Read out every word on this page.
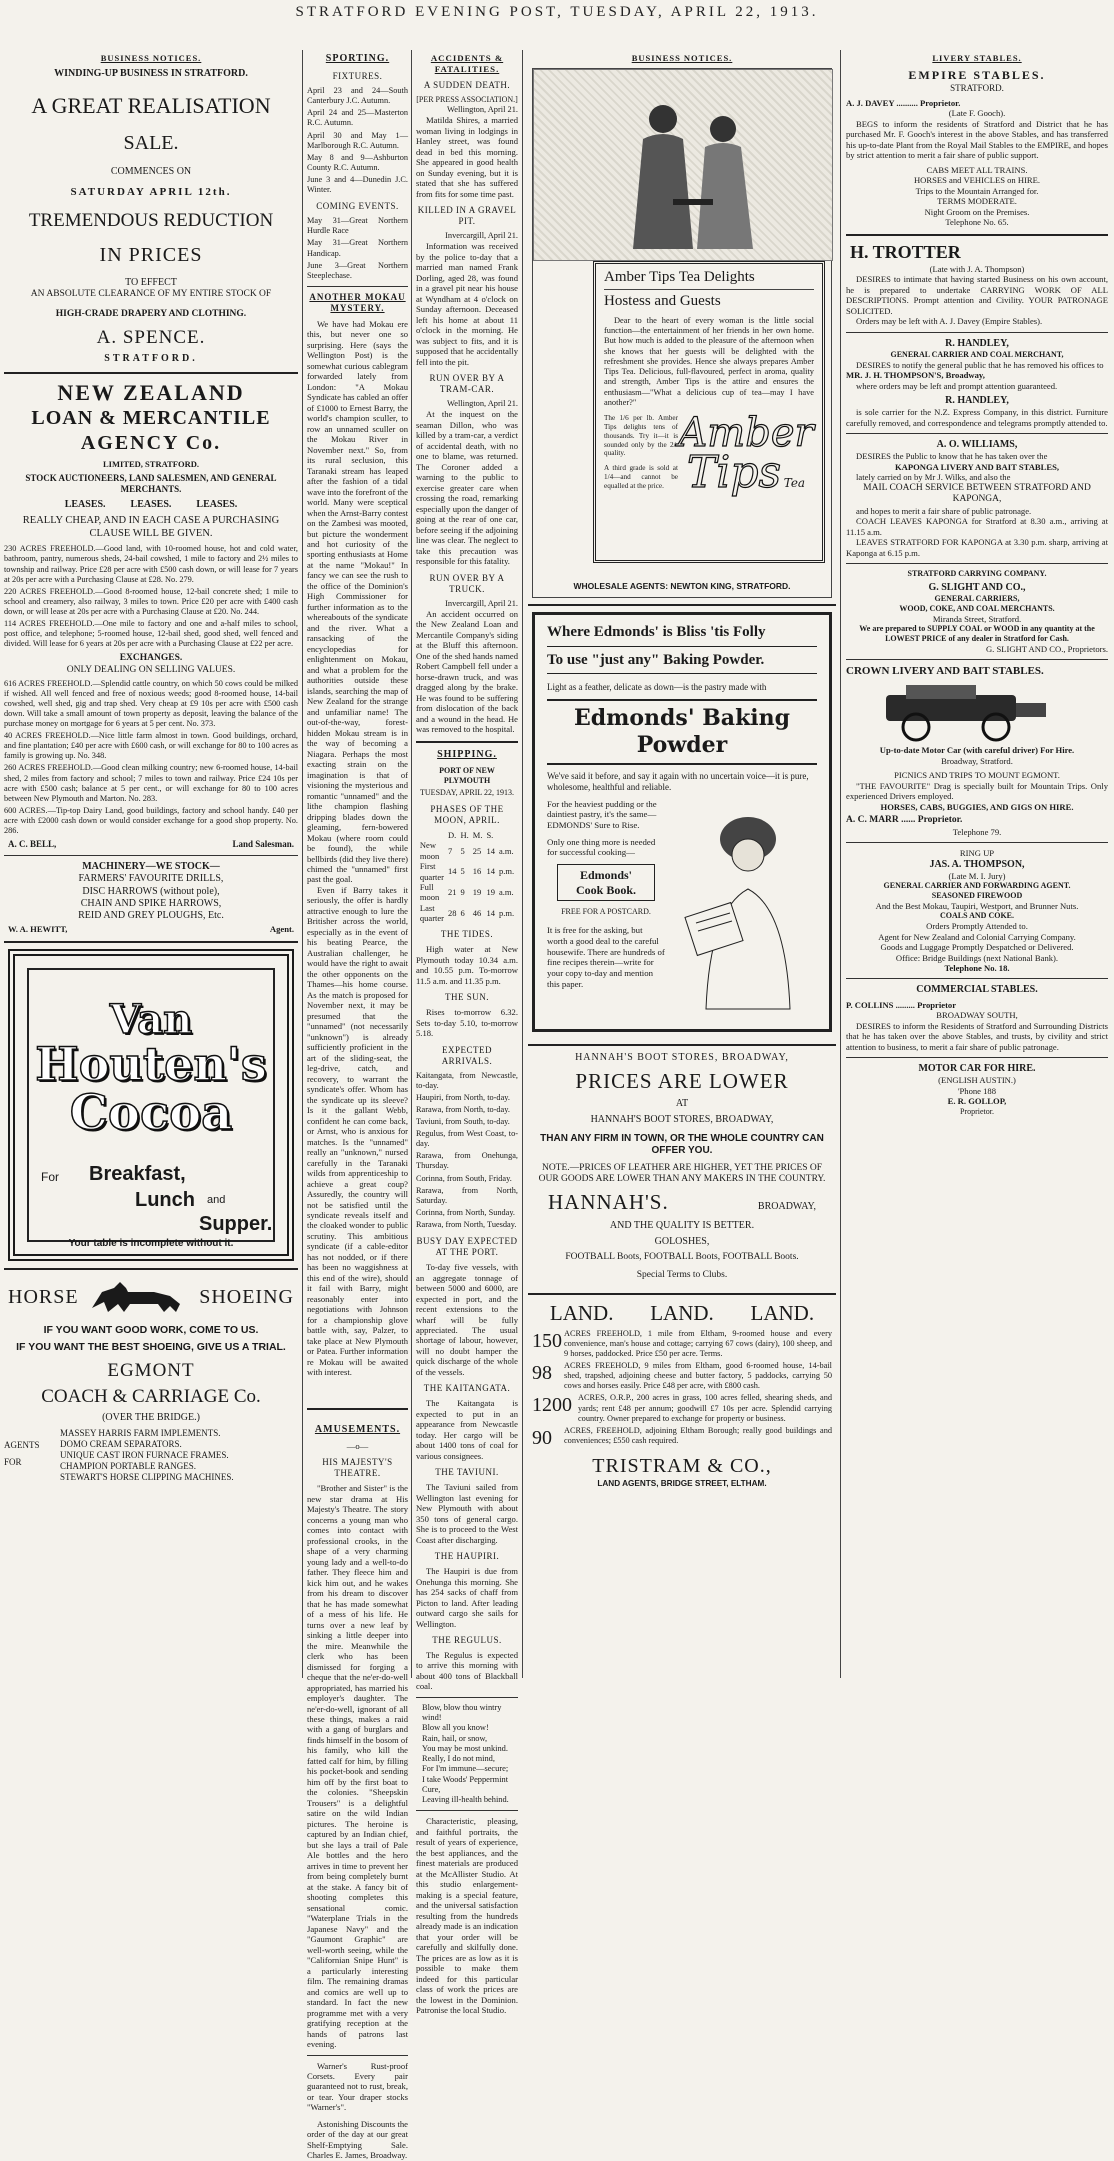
STRATFORD EVENING POST, TUESDAY, APRIL 22, 1913.
BUSINESS NOTICES.
WINDING-UP BUSINESS IN STRATFORD.
A GREAT REALISATION
SALE.
COMMENCES ON
SATURDAY APRIL 12th.
TREMENDOUS REDUCTION
IN PRICES
TO EFFECT
AN ABSOLUTE CLEARANCE OF MY ENTIRE STOCK OF
HIGH-CRADE DRAPERY AND CLOTHING.
A. SPENCE.
STRATFORD.
NEW ZEALAND
LOAN & MERCANTILE
AGENCY Co.
LIMITED, STRATFORD.
STOCK AUCTIONEERS, LAND SALESMEN, AND GENERAL MERCHANTS.
LEASES.          LEASES.          LEASES.
REALLY CHEAP, AND IN EACH CASE A PURCHASING CLAUSE WILL BE GIVEN.
230 ACRES FREEHOLD.—Good land, with 10-roomed house, hot and cold water, bathroom, pantry, numerous sheds, 24-bail cowshed, 1 mile to factory and 2½ miles to township and railway. Price £28 per acre with £500 cash down, or will lease for 7 years at 20s per acre with a Purchasing Clause at £28. No. 279.
220 ACRES FREEHOLD.—Good 8-roomed house, 12-bail concrete shed; 1 mile to school and creamery, also railway, 3 miles to town. Price £20 per acre with £400 cash down, or will lease at 20s per acre with a Purchasing Clause at £20. No. 244.
114 ACRES FREEHOLD.—One mile to factory and one and a-half miles to school, post office, and telephone; 5-roomed house, 12-bail shed, good shed, well fenced and divided. Will lease for 6 years at 20s per acre with a Purchasing Clause at £22 per acre.
EXCHANGES.
ONLY DEALING ON SELLING VALUES.
616 ACRES FREEHOLD.—Splendid cattle country, on which 50 cows could be milked if wished. All well fenced and free of noxious weeds; good 8-roomed house, 14-bail cowshed, well shed, gig and trap shed. Very cheap at £9 10s per acre with £500 cash down. Will take a small amount of town property as deposit, leaving the balance of the purchase money on mortgage for 6 years at 5 per cent. No. 373.
40 ACRES FREEHOLD.—Nice little farm almost in town. Good buildings, orchard, and fine plantation; £40 per acre with £600 cash, or will exchange for 80 to 100 acres as family is growing up. No. 348.
260 ACRES FREEHOLD.—Good clean milking country; new 6-roomed house, 14-bail shed, 2 miles from factory and school; 7 miles to town and railway. Price £24 10s per acre with £500 cash; balance at 5 per cent., or will exchange for 80 to 100 acres between New Plymouth and Marton. No. 283.
600 ACRES.—Tip-top Dairy Land, good buildings, factory and school handy. £40 per acre with £2000 cash down or would consider exchange for a good shop property. No. 286.
A. C. BELL,	Land Salesman.
MACHINERY—WE STOCK—
FARMERS' FAVOURITE DRILLS,
DISC HARROWS (without pole),
CHAIN AND SPIKE HARROWS,
REID AND GREY PLOUGHS, Etc.
W. A. HEWITT,	Agent.
Van
Houten's
Cocoa
For Breakfast,
Lunch and
Supper.
Your table is incomplete without it.
HORSE	SHOEING
IF YOU WANT GOOD WORK, COME TO US.
IF YOU WANT THE BEST SHOEING, GIVE US A TRIAL.
EGMONT
COACH & CARRIAGE Co.
(OVER THE BRIDGE.)
AGENTS
FOR
MASSEY HARRIS FARM IMPLEMENTS.
DOMO CREAM SEPARATORS.
UNIQUE CAST IRON FURNACE FRAMES.
CHAMPION PORTABLE RANGES.
STEWART'S HORSE CLIPPING MACHINES.
SPORTING.
FIXTURES.
April 23 and 24—South Canterbury J.C. Autumn.
April 24 and 25—Masterton R.C. Autumn.
April 30 and May 1—Marlborough R.C. Autumn.
May 8 and 9—Ashburton County R.C. Autumn.
June 3 and 4—Dunedin J.C. Winter.
COMING EVENTS.
May 31—Great Northern Hurdle Race
May 31—Great Northern Handicap.
June 3—Great Northern Steeplechase.
ANOTHER MOKAU MYSTERY.

We have had Mokau ere this, but never one so surprising. Here (says the Wellington Post) is the somewhat curious cablegram forwarded lately from London: "A Mokau Syndicate has cabled an offer of £1000 to Ernest Barry, the world's champion sculler, to row an unnamed sculler on the Mokau River in November next." So, from its rural seclusion, this Taranaki stream has leaped after the fashion of a tidal wave into the forefront of the world. Many were sceptical when the Arnst-Barry contest on the Zambesi was mooted, but picture the wonderment and hot curiosity of the sporting enthusiasts at Home at the name "Mokau!" In fancy we can see the rush to the office of the Dominion's High Commissioner for further information as to the whereabouts of the syndicate and the river. What a ransacking of the encyclopedias for enlightenment on Mokau, and what a problem for the authorities outside these islands, searching the map of New Zealand for the strange and unfamiliar name! The out-of-the-way, forest-hidden Mokau stream is in the way of becoming a Niagara. Perhaps the most exacting strain on the imagination is that of visioning the mysterious and romantic "unnamed" and the lithe champion flashing dripping blades down the gleaming, fern-bowered Mokau (where room could be found), the while bellbirds (did they live there) chimed the "unnamed" first past the goal.

Even if Barry takes it seriously, the offer is hardly attractive enough to lure the Britisher across the world, especially as in the event of his beating Pearce, the Australian challenger, he would have the right to await the other opponents on the Thames—his home course. As the match is proposed for November next, it may be presumed that the "unnamed" (not necessarily "unknown") is already sufficiently proficient in the art of the sliding-seat, the leg-drive, catch, and recovery, to warrant the syndicate's offer. Whom has the syndicate up its sleeve? Is it the gallant Webb, confident he can come back, or Arnst, who is anxious for matches. Is the "unnamed" really an "unknown," nursed carefully in the Taranaki wilds from apprenticeship to achieve a great coup? Assuredly, the country will not be satisfied until the syndicate reveals itself and the cloaked wonder to public scrutiny. This ambitious syndicate (if a cable-editor has not nodded, or if there has been no waggishness at this end of the wire), should it fail with Barry, might reasonably enter into negotiations with Johnson for a championship glove battle with, say, Palzer, to take place at New Plymouth or Patea. Further information re Mokau will be awaited with interest.

AMUSEMENTS.
—o—
HIS MAJESTY'S THEATRE.

"Brother and Sister" is the new star drama at His Majesty's Theatre. The story concerns a young man who comes into contact with professional crooks, in the shape of a very charming young lady and a well-to-do father. They fleece him and kick him out, and he wakes from his dream to discover that he has made somewhat of a mess of his life. He turns over a new leaf by sinking a little deeper into the mire. Meanwhile the clerk who has been dismissed for forging a cheque that the ne'er-do-well appropriated, has married his employer's daughter. The ne'er-do-well, ignorant of all these things, makes a raid with a gang of burglars and finds himself in the bosom of his family, who kill the fatted calf for him, by filling his pocket-book and sending him off by the first boat to the colonies. "Sheepskin Trousers" is a delightful satire on the wild Indian pictures. The heroine is captured by an Indian chief, but she lays a trail of Pale Ale bottles and the hero arrives in time to prevent her from being completely burnt at the stake. A fancy bit of shooting completes this sensational comic. "Waterplane Trials in the Japanese Navy" and the "Gaumont Graphic" are well-worth seeing, while the "Californian Snipe Hunt" is a particularly interesting film. The remaining dramas and comics are well up to standard. In fact the new programme met with a very gratifying reception at the hands of patrons last evening.

Warner's Rust-proof Corsets. Every pair guaranteed not to rust, break, or tear. Your draper stocks "Warner's".

Astonishing Discounts the order of the day at our great Shelf-Emptying Sale. Charles E. James, Broadway.

ACCIDENTS & FATALITIES.
A SUDDEN DEATH.
[PER PRESS ASSOCIATION.]
Wellington, April 21.

Matilda Shires, a married woman living in lodgings in Hanley street, was found dead in bed this morning. She appeared in good health on Sunday evening, but it is stated that she has suffered from fits for some time past.

KILLED IN A GRAVEL PIT.
Invercargill, April 21.

Information was received by the police to-day that a married man named Frank Dorling, aged 28, was found in a gravel pit near his house at Wyndham at 4 o'clock on Sunday afternoon. Deceased left his home at about 11 o'clock in the morning. He was subject to fits, and it is supposed that he accidentally fell into the pit.

RUN OVER BY A TRAM-CAR.
Wellington, April 21.

At the inquest on the seaman Dillon, who was killed by a tram-car, a verdict of accidental death, with no one to blame, was returned. The Coroner added a warning to the public to exercise greater care when crossing the road, remarking especially upon the danger of going at the rear of one car, before seeing if the adjoining line was clear. The neglect to take this precaution was responsible for this fatality.

RUN OVER BY A TRUCK.
Invercargill, April 21.

An accident occurred on the New Zealand Loan and Mercantile Company's siding at the Bluff this afternoon. One of the shed hands named Robert Campbell fell under a horse-drawn truck, and was dragged along by the brake. He was found to be suffering from dislocation of the back and a wound in the head. He was removed to the hospital.

SHIPPING.
PORT OF NEW PLYMOUTH
TUESDAY, APRIL 22, 1913.
PHASES OF THE MOON, APRIL.
	D.	H.	M.	S.	
New moon	7	5	25	14	a.m.
First quarter	14	5	16	14	p.m.
Full moon	21	9	19	19	a.m.
Last quarter	28	6	46	14	p.m.
THE TIDES.

High water at New Plymouth today 10.34 a.m. and 10.55 p.m. To-morrow 11.5 a.m. and 11.35 p.m.

THE SUN.

Rises to-morrow 6.32. Sets to-day 5.10, to-morrow 5.18.

EXPECTED ARRIVALS.
Kaitangata, from Newcastle, to-day.
Haupiri, from North, to-day.
Rarawa, from North, to-day.
Taviuni, from South, to-day.
Regulus, from West Coast, to-day.
Rarawa, from Onehunga, Thursday.
Corinna, from South, Friday.
Rarawa, from North, Saturday.
Corinna, from North, Sunday.
Rarawa, from North, Tuesday.
BUSY DAY EXPECTED AT THE PORT.

To-day five vessels, with an aggregate tonnage of between 5000 and 6000, are expected in port, and the recent extensions to the wharf will be fully appreciated. The usual shortage of labour, however, will no doubt hamper the quick discharge of the whole of the vessels.

THE KAITANGATA.

The Kaitangata is expected to put in an appearance from Newcastle today. Her cargo will be about 1400 tons of coal for various consignees.

THE TAVIUNI.

The Taviuni sailed from Wellington last evening for New Plymouth with about 350 tons of general cargo. She is to proceed to the West Coast after discharging.

THE HAUPIRI.

The Haupiri is due from Onehunga this morning. She has 254 sacks of chaff from Picton to land. After leading outward cargo she sails for Wellington.

THE REGULUS.

The Regulus is expected to arrive this morning with about 400 tons of Blackball coal.

Blow, blow thou wintry wind!
Blow all you know!
Rain, hail, or snow,
You may be most unkind.
Really, I do not mind,
For I'm immune—secure;
I take Woods' Peppermint Cure,
Leaving ill-health behind.

Characteristic, pleasing, and faithful portraits, the result of years of experience, the best appliances, and the finest materials are produced at the McAllister Studio. At this studio enlargement-making is a special feature, and the universal satisfaction resulting from the hundreds already made is an indication that your order will be carefully and skilfully done. The prices are as low as it is possible to make them indeed for this particular class of work the prices are the lowest in the Dominion. Patronise the local Studio.

BUSINESS NOTICES.
Amber Tips Tea Delights
Hostess and Guests

Dear to the heart of every woman is the little social function—the entertainment of her friends in her own home. But how much is added to the pleasure of the afternoon when she knows that her guests will be delighted with the refreshment she provides. Hence she always prepares Amber Tips Tea. Delicious, full-flavoured, perfect in aroma, quality and strength, Amber Tips is the attire and ensures the enthusiasm—"What a delicious cup of tea—may I have another?"

The 1/6 per lb. Amber Tips delights tens of thousands. Try it—it is sounded only by the 2/- quality.
A third grade is sold at 1/4—and cannot be equalled at the price.
Amber
Tips Tea
WHOLESALE AGENTS: NEWTON KING, STRATFORD.
Where Edmonds' is Bliss 'tis Folly
To use "just any" Baking Powder.
Light as a feather, delicate as down—is the pastry made with
Edmonds' Baking Powder
We've said it before, and say it again with no uncertain voice—it is pure, wholesome, healthful and reliable.
For the heaviest pudding or the daintiest pastry, it's the same—EDMONDS' Sure to Rise.
Only one thing more is needed for successful cooking—
Edmonds'
Cook Book.
FREE FOR A POSTCARD.
It is free for the asking, but worth a good deal to the careful housewife. There are hundreds of fine recipes therein—write for your copy to-day and mention this paper.
HANNAH'S BOOT STORES, BROADWAY,
PRICES ARE LOWER
AT
HANNAH'S BOOT STORES, BROADWAY,
THAN ANY FIRM IN TOWN, OR THE WHOLE COUNTRY CAN OFFER YOU.
NOTE.—PRICES OF LEATHER ARE HIGHER, YET THE PRICES OF OUR GOODS ARE LOWER THAN ANY MAKERS IN THE COUNTRY.
HANNAH'S.	BROADWAY,
AND THE QUALITY IS BETTER.
GOLOSHES,
FOOTBALL Boots, FOOTBALL Boots, FOOTBALL Boots.
Special Terms to Clubs.
LAND.       LAND.       LAND.
150 ACRES FREEHOLD, 1 mile from Eltham, 9-roomed house and every convenience, man's house and cottage; carrying 67 cows (dairy), 100 sheep, and 9 horses, paddocked. Price £50 per acre. Terms.
98	ACRES FREEHOLD, 9 miles from Eltham, good 6-roomed house, 14-bail shed, trapshed, adjoining cheese and butter factory, 5 paddocks, carrying 50 cows and horses easily. Price £48 per acre, with £800 cash.
1200 ACRES, O.R.P., 200 acres in grass, 100 acres felled, shearing sheds, and yards; rent £48 per annum; goodwill £7 10s per acre. Splendid carrying country. Owner prepared to exchange for property or business.
90	ACRES, FREEHOLD, adjoining Eltham Borough; really good buildings and conveniences; £550 cash required.
TRISTRAM & CO.,
LAND AGENTS, BRIDGE STREET, ELTHAM.
LIVERY STABLES.
EMPIRE STABLES.
STRATFORD.
A. J. DAVEY .......... Proprietor.
(Late F. Gooch).

BEGS to inform the residents of Stratford and District that he has purchased Mr. F. Gooch's interest in the above Stables, and has transferred his up-to-date Plant from the Royal Mail Stables to the EMPIRE, and hopes by strict attention to merit a fair share of public support.

CABS MEET ALL TRAINS.
HORSES and VEHICLES on HIRE.
Trips to the Mountain Arranged for.
TERMS MODERATE.
Night Groom on the Premises.
Telephone No. 65.
H. TROTTER
(Late with J. A. Thompson)

DESIRES to intimate that having started Business on his own account, he is prepared to undertake CARRYING WORK OF ALL DESCRIPTIONS. Prompt attention and Civility. YOUR PATRONAGE SOLICITED.

Orders may be left with A. J. Davey (Empire Stables).

R. HANDLEY,
GENERAL CARRIER AND COAL MERCHANT,

DESIRES to notify the general public that he has removed his offices to

MR. J. H. THOMPSON'S, Broadway,

where orders may be left and prompt attention guaranteed.

R. HANDLEY,

is sole carrier for the N.Z. Express Company, in this district. Furniture carefully removed, and correspondence and telegrams promptly attended to.

A. O. WILLIAMS,

DESIRES the Public to know that he has taken over the

KAPONGA LIVERY AND BAIT STABLES,

lately carried on by Mr J. Wilks, and also the

MAIL COACH SERVICE BETWEEN STRATFORD AND KAPONGA,

and hopes to merit a fair share of public patronage.

COACH LEAVES KAPONGA for Stratford at 8.30 a.m., arriving at 11.15 a.m.

LEAVES STRATFORD FOR KAPONGA at 3.30 p.m. sharp, arriving at Kaponga at 6.15 p.m.

STRATFORD CARRYING COMPANY.
G. SLIGHT AND CO.,
GENERAL CARRIERS,
WOOD, COKE, AND COAL MERCHANTS.
Miranda Street, Stratford.
We are prepared to SUPPLY COAL or WOOD in any quantity at the LOWEST PRICE of any dealer in Stratford for Cash.
G. SLIGHT AND CO., Proprietors.
CROWN LIVERY AND BAIT STABLES.
Up-to-date Motor Car (with careful driver) For Hire.
Broadway, Stratford.
PICNICS AND TRIPS TO MOUNT EGMONT.

"THE FAVOURITE" Drag is specially built for Mountain Trips. Only experienced Drivers employed.

HORSES, CABS, BUGGIES, AND GIGS ON HIRE.
A. C. MARR ...... Proprietor.
Telephone 79.
RING UP
JAS. A. THOMPSON,
(Late M. I. Jury)
GENERAL CARRIER AND FORWARDING AGENT.
SEASONED FIREWOOD
And the Best Mokau, Taupiri, Westport, and Brunner Nuts.
COALS AND COKE.
Orders Promptly Attended to.
Agent for New Zealand and Colonial Carrying Company.
Goods and Luggage Promptly Despatched or Delivered.
Office: Bridge Buildings (next National Bank).
Telephone No. 18.
COMMERCIAL STABLES.
P. COLLINS ......... Proprietor
BROADWAY SOUTH,

DESIRES to inform the Residents of Stratford and Surrounding Districts that he has taken over the above Stables, and trusts, by civility and strict attention to business, to merit a fair share of public patronage.

MOTOR CAR FOR HIRE.
(ENGLISH AUSTIN.)
'Phone 188
E. R. GOLLOP,
Proprietor.
